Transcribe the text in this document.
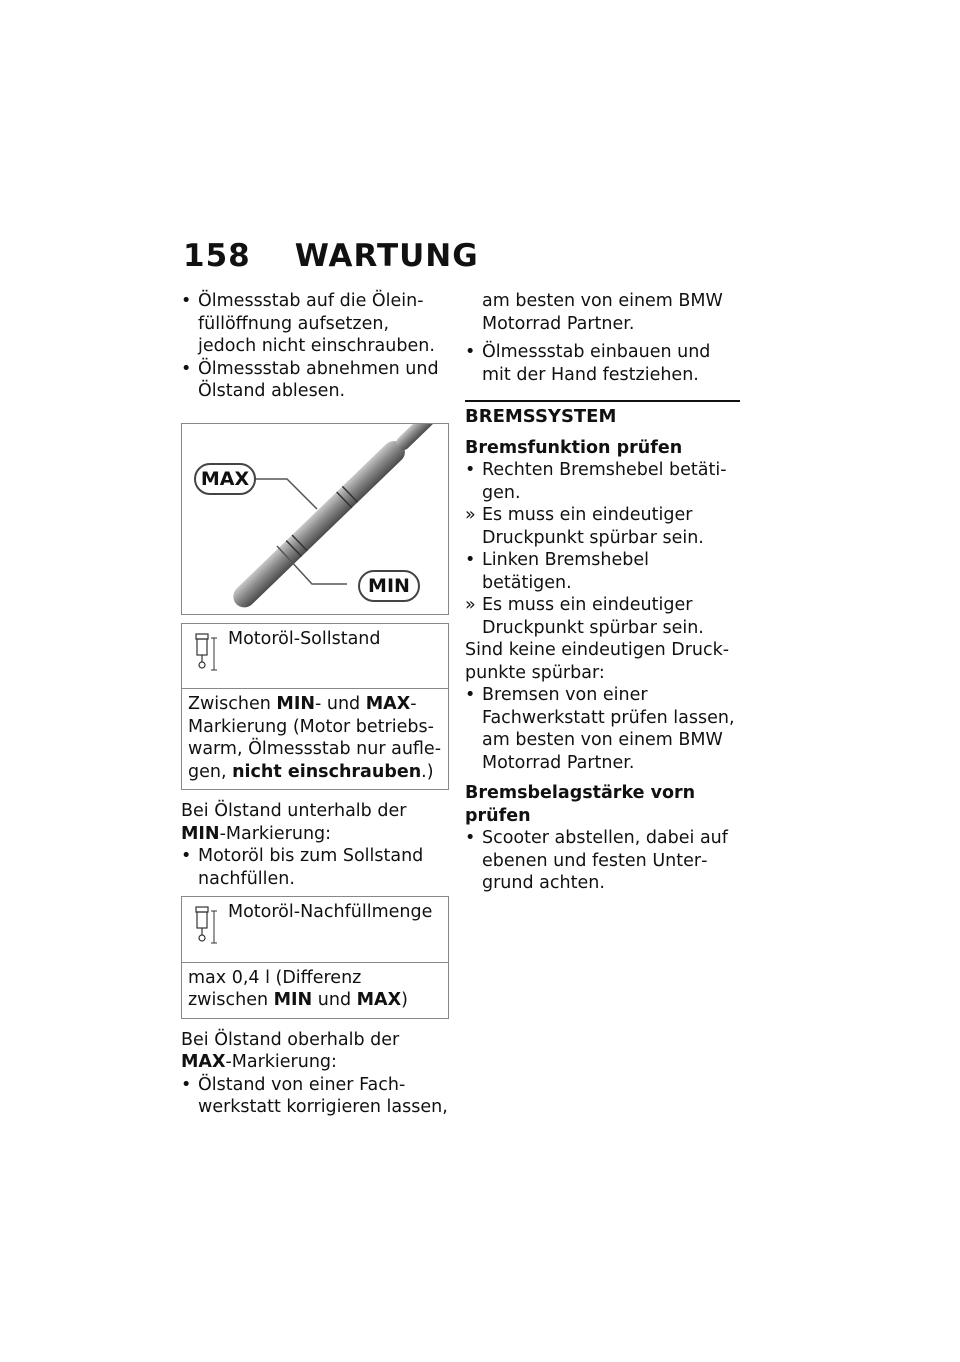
158 WARTUNG
• Ölmessstab auf die Öleinfüllöffnung aufsetzen, jedoch nicht einschrauben.
• Ölmessstab abnehmen und Ölstand ablesen.
MAX
MIN
Motoröl-Sollstand
Zwischen MIN- und MAX-Markierung (Motor betriebswarm, Ölmessstab nur auflegen, nicht einschrauben.)
Bei Ölstand unterhalb der MIN-Markierung:
• Motoröl bis zum Sollstand nachfüllen.
Motoröl-Nachfüllmenge
max 0,4 l (Differenz zwischen MIN und MAX)
Bei Ölstand oberhalb der MAX-Markierung:
• Ölstand von einer Fachwerkstatt korrigieren lassen,
am besten von einem BMW Motorrad Partner.
• Ölmessstab einbauen und mit der Hand festziehen.
BREMSSYSTEM
Bremsfunktion prüfen
• Rechten Bremshebel betätigen.
» Es muss ein eindeutiger Druckpunkt spürbar sein.
• Linken Bremshebel betätigen.
» Es muss ein eindeutiger Druckpunkt spürbar sein.
Sind keine eindeutigen Druckpunkte spürbar:
• Bremsen von einer Fachwerkstatt prüfen lassen, am besten von einem BMW Motorrad Partner.
Bremsbelagstärke vorn prüfen
• Scooter abstellen, dabei auf ebenen und festen Untergrund achten.
